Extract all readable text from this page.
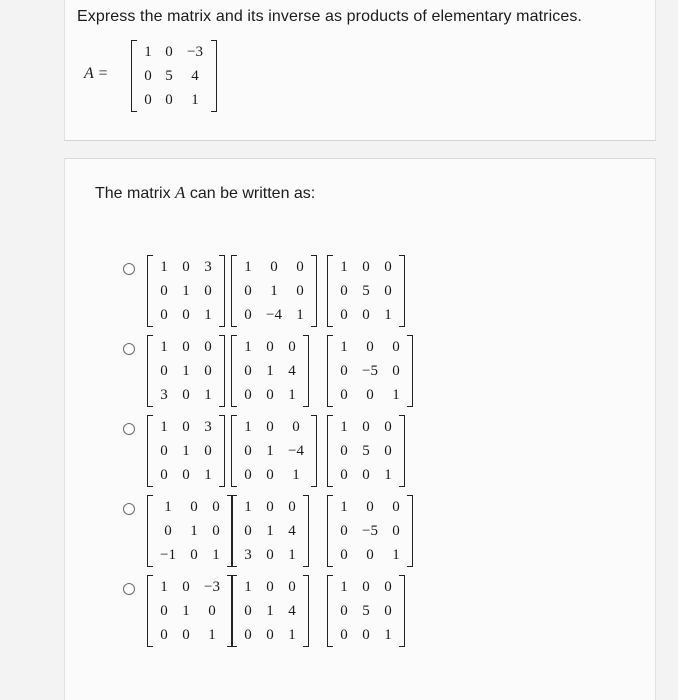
Express the matrix and its inverse as products of elementary matrices.
A =
1	0	−3
0	5	4
0	0	1
The matrix A can be written as:
1	0	3
0	1	0
0	0	1
1	0	0
0	1	0
0	−4	1
1	0	0
0	5	0
0	0	1
1	0	0
0	1	0
3	0	1
1	0	0
0	1	4
0	0	1
1	0	0
0	−5	0
0	0	1
1	0	3
0	1	0
0	0	1
1	0	0
0	1	−4
0	0	1
1	0	0
0	5	0
0	0	1
1	0	0
0	1	0
−1	0	1
1	0	0
0	1	4
3	0	1
1	0	0
0	−5	0
0	0	1
1	0	−3
0	1	0
0	0	1
1	0	0
0	1	4
0	0	1
1	0	0
0	5	0
0	0	1
